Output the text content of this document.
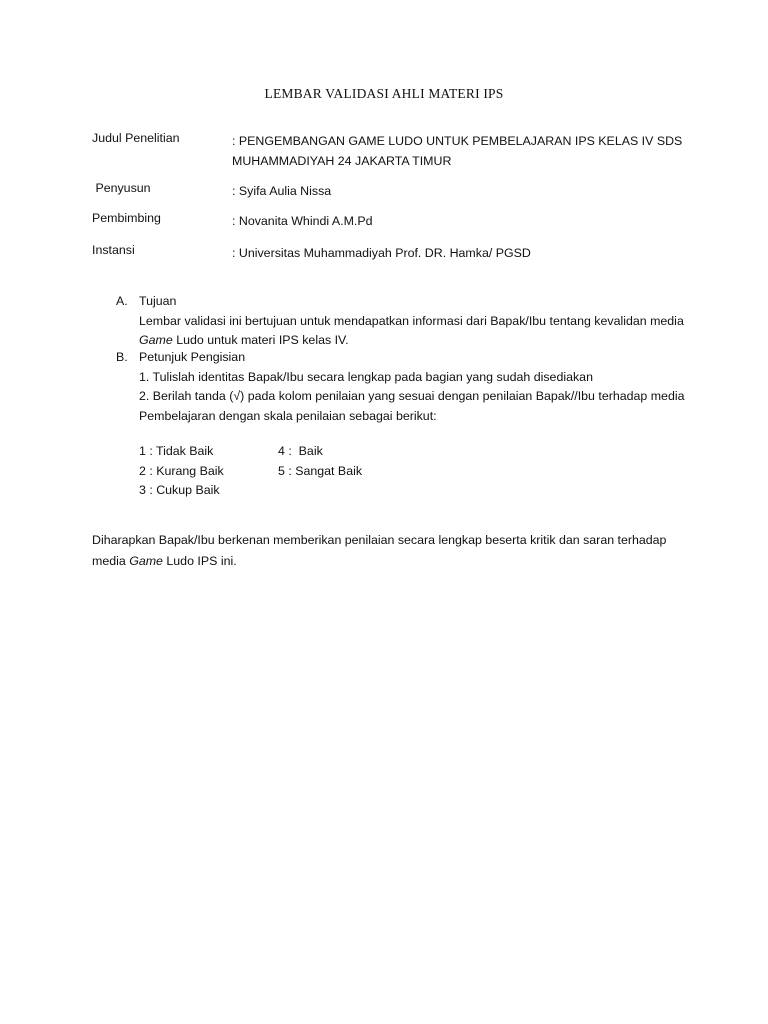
LEMBAR VALIDASI AHLI MATERI IPS
Judul Penelitian	: PENGEMBANGAN GAME LUDO UNTUK PEMBELAJARAN IPS KELAS IV SDS MUHAMMADIYAH 24 JAKARTA TIMUR
Penyusun	: Syifa Aulia Nissa
Pembimbing	: Novanita Whindi A.M.Pd
Instansi	: Universitas Muhammadiyah Prof. DR. Hamka/ PGSD
A. Tujuan
Lembar validasi ini bertujuan untuk mendapatkan informasi dari Bapak/Ibu tentang kevalidan media Game Ludo untuk materi IPS kelas IV.
B. Petunjuk Pengisian
1. Tulislah identitas Bapak/Ibu secara lengkap pada bagian yang sudah disediakan
2. Berilah tanda (√) pada kolom penilaian yang sesuai dengan penilaian Bapak//Ibu terhadap media Pembelajaran dengan skala penilaian sebagai berikut:
1 : Tidak Baik
2 : Kurang Baik
3 : Cukup Baik
4 :  Baik
5 : Sangat Baik
Diharapkan Bapak/Ibu berkenan memberikan penilaian secara lengkap beserta kritik dan saran terhadap media Game Ludo IPS ini.
